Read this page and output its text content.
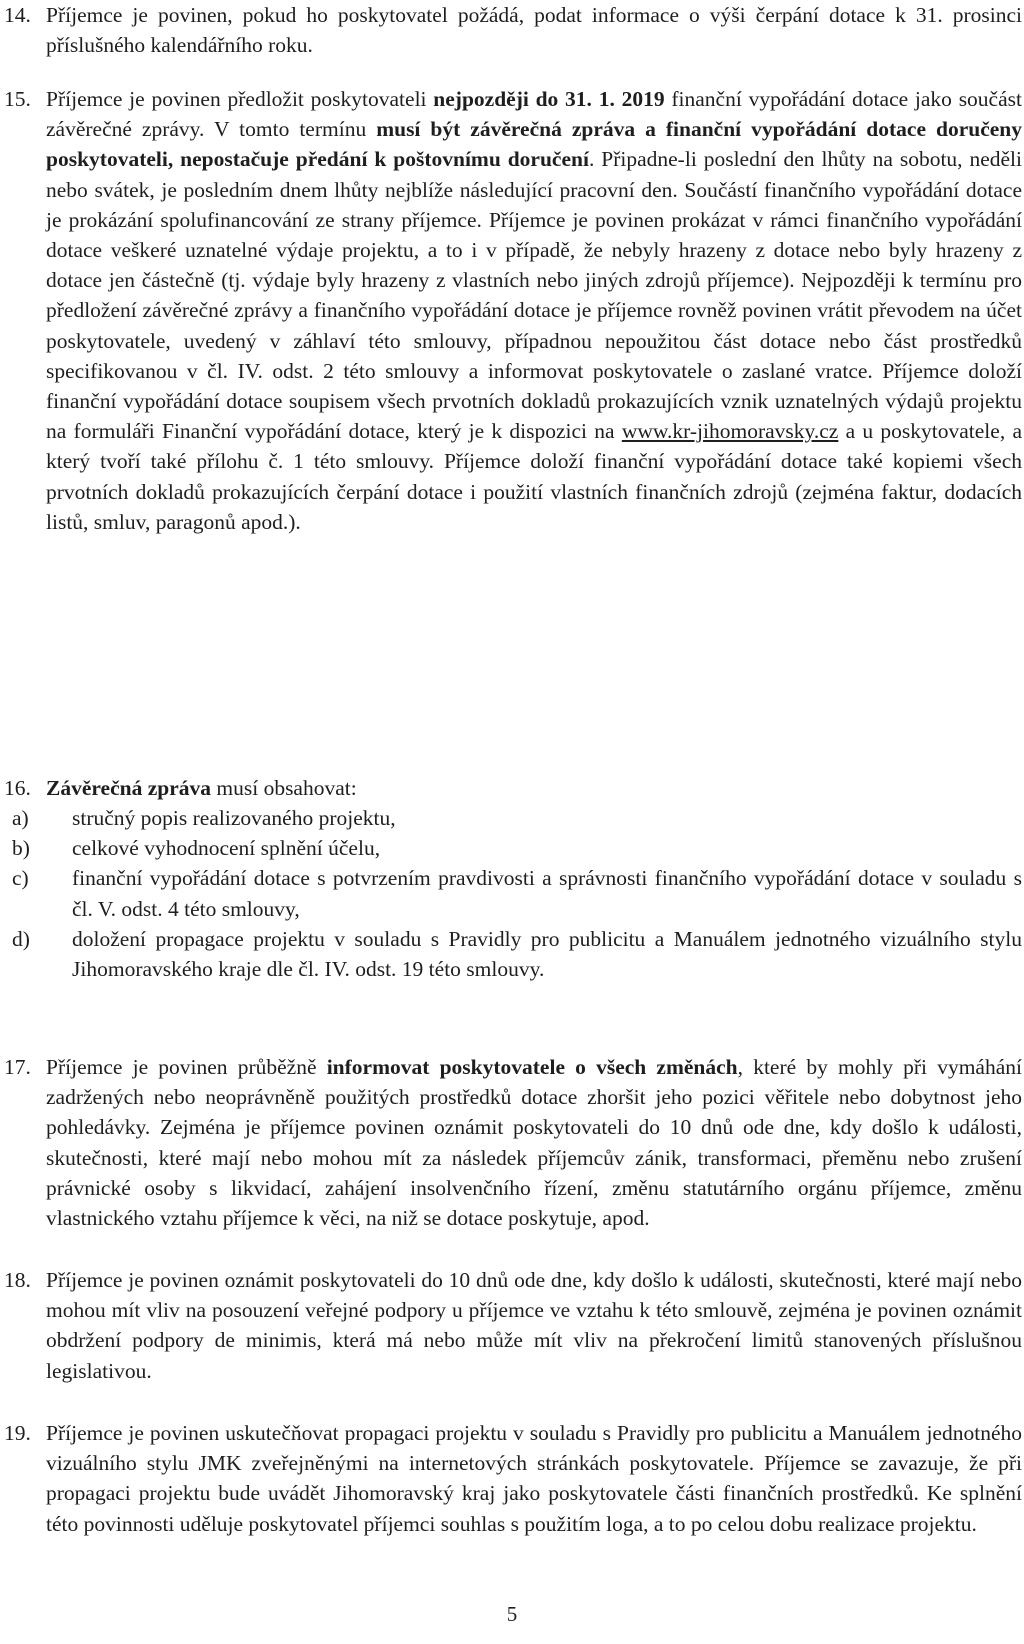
14. Příjemce je povinen, pokud ho poskytovatel požádá, podat informace o výši čerpání dotace k 31. prosinci příslušného kalendářního roku.
15. Příjemce je povinen předložit poskytovateli nejpozději do 31. 1. 2019 finanční vypořádání dotace jako součást závěrečné zprávy. V tomto termínu musí být závěrečná zpráva a finanční vypořádání dotace doručeny poskytovateli, nepostačuje předání k poštovnímu doručení. Připadne-li poslední den lhůty na sobotu, neděli nebo svátek, je posledním dnem lhůty nejblíže následující pracovní den. Součástí finančního vypořádání dotace je prokázání spolufinancování ze strany příjemce. Příjemce je povinen prokázat v rámci finančního vypořádání dotace veškeré uznatelné výdaje projektu, a to i v případě, že nebyly hrazeny z dotace nebo byly hrazeny z dotace jen částečně (tj. výdaje byly hrazeny z vlastních nebo jiných zdrojů příjemce). Nejpozději k termínu pro předložení závěrečné zprávy a finančního vypořádání dotace je příjemce rovněž povinen vrátit převodem na účet poskytovatele, uvedený v záhlaví této smlouvy, případnou nepoužitou část dotace nebo část prostředků specifikovanou v čl. IV. odst. 2 této smlouvy a informovat poskytovatele o zaslané vratce. Příjemce doloží finanční vypořádání dotace soupisem všech prvotních dokladů prokazujících vznik uznatelných výdajů projektu na formuláři Finanční vypořádání dotace, který je k dispozici na www.kr-jihomoravsky.cz a u poskytovatele, a který tvoří také přílohu č. 1 této smlouvy. Příjemce doloží finanční vypořádání dotace také kopiemi všech prvotních dokladů prokazujících čerpání dotace i použití vlastních finančních zdrojů (zejména faktur, dodacích listů, smluv, paragonů apod.).
16. Závěrečná zpráva musí obsahovat:
a) stručný popis realizovaného projektu,
b) celkové vyhodnocení splnění účelu,
c) finanční vypořádání dotace s potvrzením pravdivosti a správnosti finančního vypořádání dotace v souladu s čl. V. odst. 4 této smlouvy,
d) doložení propagace projektu v souladu s Pravidly pro publicitu a Manuálem jednotného vizuálního stylu Jihomoravského kraje dle čl. IV. odst. 19 této smlouvy.
17. Příjemce je povinen průběžně informovat poskytovatele o všech změnách, které by mohly při vymáhání zadržených nebo neoprávněně použitých prostředků dotace zhoršit jeho pozici věřitele nebo dobytnost jeho pohledávky. Zejména je příjemce povinen oznámit poskytovateli do 10 dnů ode dne, kdy došlo k události, skutečnosti, které mají nebo mohou mít za následek příjemcův zánik, transformaci, přeměnu nebo zrušení právnické osoby s likvidací, zahájení insolvenčního řízení, změnu statutárního orgánu příjemce, změnu vlastnického vztahu příjemce k věci, na niž se dotace poskytuje, apod.
18. Příjemce je povinen oznámit poskytovateli do 10 dnů ode dne, kdy došlo k události, skutečnosti, které mají nebo mohou mít vliv na posouzení veřejné podpory u příjemce ve vztahu k této smlouvě, zejména je povinen oznámit obdržení podpory de minimis, která má nebo může mít vliv na překročení limitů stanovených příslušnou legislativou.
19. Příjemce je povinen uskutečňovat propagaci projektu v souladu s Pravidly pro publicitu a Manuálem jednotného vizuálního stylu JMK zveřejněnými na internetových stránkách poskytovatele. Příjemce se zavazuje, že při propagaci projektu bude uvádět Jihomoravský kraj jako poskytovatele části finančních prostředků. Ke splnění této povinnosti uděluje poskytovatel příjemci souhlas s použitím loga, a to po celou dobu realizace projektu.
5
